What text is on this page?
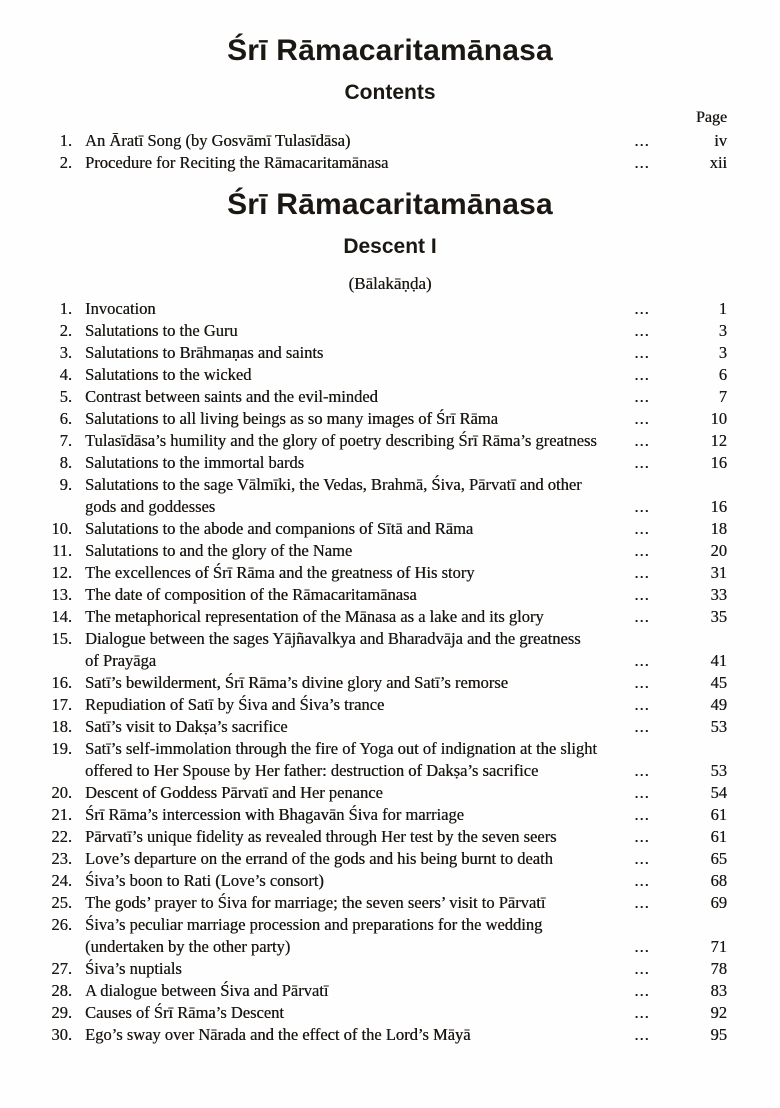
Śrī Rāmacaritamānasa
Contents
Page
1. An Āratī Song (by Gosvāmī Tulasīdāsa)	...	iv
2. Procedure for Reciting the Rāmacaritamānasa	...	xii
Śrī Rāmacaritamānasa
Descent I
(Bālakāṇḍa)
1. Invocation	...	1
2. Salutations to the Guru	...	3
3. Salutations to Brāhmaṇas and saints	...	3
4. Salutations to the wicked	...	6
5. Contrast between saints and the evil-minded	...	7
6. Salutations to all living beings as so many images of Śrī Rāma	...	10
7. Tulasīdāsa’s humility and the glory of poetry describing Śrī Rāma’s greatness	...	12
8. Salutations to the immortal bards	...	16
9. Salutations to the sage Vālmīki, the Vedas, Brahmā, Śiva, Pārvatī and other
gods and goddesses	...	16
10. Salutations to the abode and companions of Sītā and Rāma	...	18
11. Salutations to and the glory of the Name	...	20
12. The excellences of Śrī Rāma and the greatness of His story	...	31
13. The date of composition of the Rāmacaritamānasa	...	33
14. The metaphorical representation of the Mānasa as a lake and its glory	...	35
15. Dialogue between the sages Yājñavalkya and Bharadvāja and the greatness
of Prayāga	...	41
16. Satī’s bewilderment, Śrī Rāma’s divine glory and Satī’s remorse	...	45
17. Repudiation of Satī by Śiva and Śiva’s trance	...	49
18. Satī’s visit to Dakṣa’s sacrifice	...	53
19. Satī’s self-immolation through the fire of Yoga out of indignation at the slight
offered to Her Spouse by Her father: destruction of Dakṣa’s sacrifice	...	53
20. Descent of Goddess Pārvatī and Her penance	...	54
21. Śrī Rāma’s intercession with Bhagavān Śiva for marriage	...	61
22. Pārvatī’s unique fidelity as revealed through Her test by the seven seers	...	61
23. Love’s departure on the errand of the gods and his being burnt to death	...	65
24. Śiva’s boon to Rati (Love’s consort)	...	68
25. The gods’ prayer to Śiva for marriage; the seven seers’ visit to Pārvatī	...	69
26. Śiva’s peculiar marriage procession and preparations for the wedding
(undertaken by the other party)	...	71
27. Śiva’s nuptials	...	78
28. A dialogue between Śiva and Pārvatī	...	83
29. Causes of Śrī Rāma’s Descent	...	92
30. Ego’s sway over Nārada and the effect of the Lord’s Māyā	...	95
